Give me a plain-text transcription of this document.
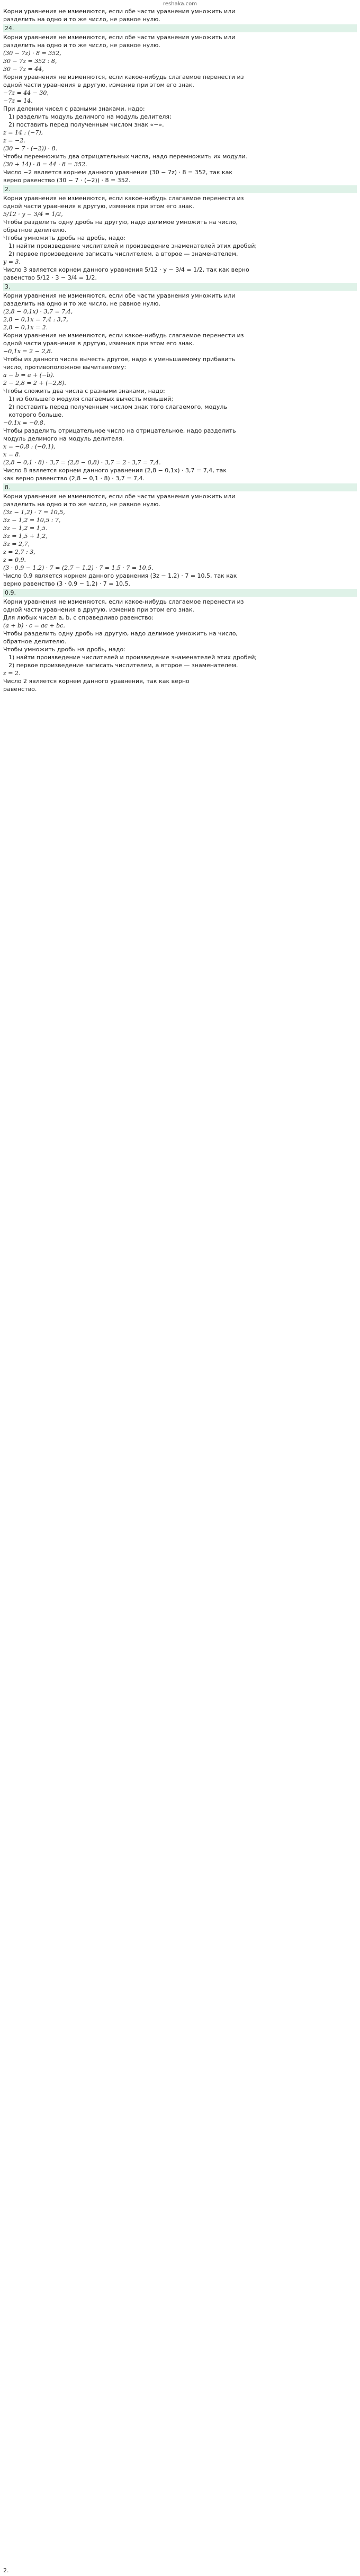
reshaka.com
Корни уравнения не изменяются, если обе части уравнения умножить или
разделить на одно и то же число, не равное нулю.
24.
Корни уравнения не изменяются, если обе части уравнения умножить или
разделить на одно и то же число, не равное нулю.
(30 − 7z) · 8 = 352,
30 − 7z = 352 : 8,
30 − 7z = 44,
Корни уравнения не изменяются, если какое-нибудь слагаемое перенести из
одной части уравнения в другую, изменив при этом его знак.
−7z = 44 − 30,
−7z = 14.
При делении чисел с разными знаками, надо:
1) разделить модуль делимого на модуль делителя;
2) поставить перед полученным числом знак «−».
z = 14 : (−7),
z = −2.
(30 − 7 · (−2)) · 8.
Чтобы перемножить два отрицательных числа, надо перемножить их модули.
(30 + 14) · 8 = 44 · 8 = 352.
Число −2 является корнем данного уравнения (30 − 7z) · 8 = 352, так как
верно равенство (30 − 7 · (−2)) · 8 = 352.
2.
Корни уравнения не изменяются, если какое-нибудь слагаемое перенести из
одной части уравнения в другую, изменив при этом его знак.
5/12 · y − 3/4 = 1/2,
Чтобы разделить одну дробь на другую, надо делимое умножить на число,
обратное делителю.
Чтобы умножить дробь на дробь, надо:
1) найти произведение числителей и произведение знаменателей этих дробей;
2) первое произведение записать числителем, а второе — знаменателем.
y = 3.
Число 3 является корнем данного уравнения 5/12 · y − 3/4 = 1/2, так как верно
равенство 5/12 · 3 − 3/4 = 1/2.
3.
Корни уравнения не изменяются, если обе части уравнения умножить или
разделить на одно и то же число, не равное нулю.
(2,8 − 0,1x) · 3,7 = 7,4,
2,8 − 0,1x = 7,4 : 3,7,
2,8 − 0,1x = 2.
Корни уравнения не изменяются, если какое-нибудь слагаемое перенести из
одной части уравнения в другую, изменив при этом его знак.
−0,1x = 2 − 2,8.
Чтобы из данного числа вычесть другое, надо к уменьшаемому прибавить
число, противоположное вычитаемому:
a − b = a + (−b).
2 − 2,8 = 2 + (−2,8).
Чтобы сложить два числа с разными знаками, надо:
1) из большего модуля слагаемых вычесть меньший;
2) поставить перед полученным числом знак того слагаемого, модуль
которого больше.
−0,1x = −0,8.
Чтобы разделить отрицательное число на отрицательное, надо разделить
модуль делимого на модуль делителя.
x = −0,8 : (−0,1),
x = 8.
(2,8 − 0,1 · 8) · 3,7 = (2,8 − 0,8) · 3,7 = 2 · 3,7 = 7,4.
Число 8 является корнем данного уравнения (2,8 − 0,1x) · 3,7 = 7,4, так
как верно равенство (2,8 − 0,1 · 8) · 3,7 = 7,4.
8.
Корни уравнения не изменяются, если обе части уравнения умножить или
разделить на одно и то же число, не равное нулю.
(3z − 1,2) · 7 = 10,5,
3z − 1,2 = 10,5 : 7,
3z − 1,2 = 1,5.
3z = 1,5 + 1,2,
3z = 2,7,
z = 2,7 : 3,
z = 0,9.
(3 · 0,9 − 1,2) · 7 = (2,7 − 1,2) · 7 = 1,5 · 7 = 10,5.
Число 0,9 является корнем данного уравнения (3z − 1,2) · 7 = 10,5, так как
верно равенство (3 · 0,9 − 1,2) · 7 = 10,5.
0,9.
Корни уравнения не изменяются, если какое-нибудь слагаемое перенести из
одной части уравнения в другую, изменив при этом его знак.
Для любых чисел a, b, c справедливо равенство:
(a + b) · c = ac + bc.
Чтобы разделить одну дробь на другую, надо делимое умножить на число,
обратное делителю.
Чтобы умножить дробь на дробь, надо:
1) найти произведение числителей и произведение знаменателей этих дробей;
2) первое произведение записать числителем, а второе — знаменателем.
z = 2.
Число 2 является корнем данного уравнения, так как верно
равенство.
2.
